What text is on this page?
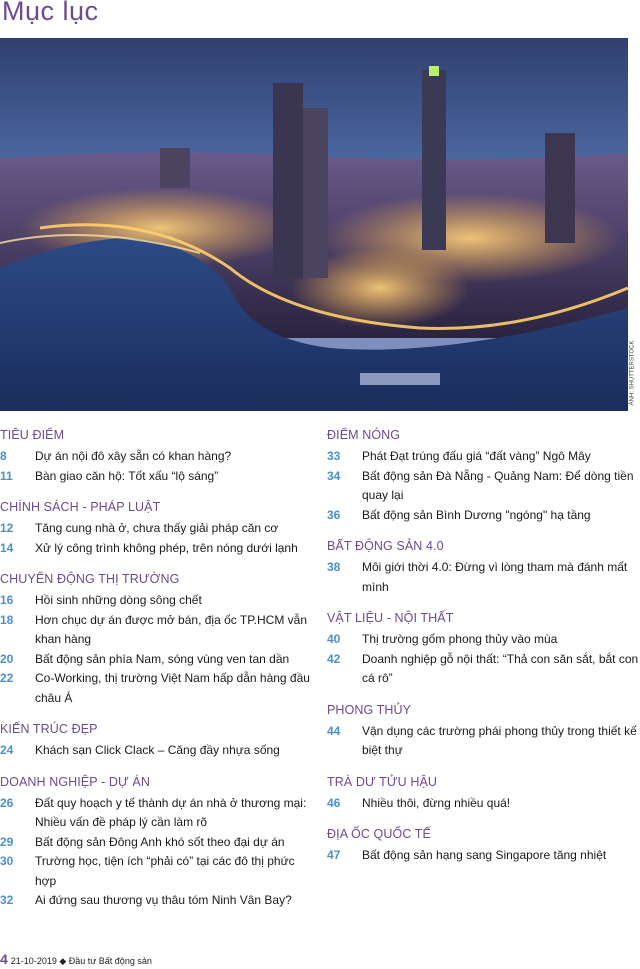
Mục lục
ẢNH: SHUTTERSTOCK
TIÊU ĐIỂM
8	Dự án nội đô xây sẵn có khan hàng?
11	Bàn giao căn hộ: Tốt xấu “lộ sáng”
CHÍNH SÁCH - PHÁP LUẬT
12	Tăng cung nhà ở, chưa thấy giải pháp căn cơ
14	Xử lý công trình không phép, trên nóng dưới lạnh
CHUYỂN ĐỘNG THỊ TRƯỜNG
16	Hồi sinh những dòng sông chết
18	Hơn chục dự án được mở bán, địa ốc TP.HCM vẫn khan hàng
20	Bất động sản phía Nam, sóng vùng ven tan dần
22	Co-Working, thị trường Việt Nam hấp dẫn hàng đầu châu Á
KIẾN TRÚC ĐẸP
24	Khách sạn Click Clack – Căng đầy nhựa sống
DOANH NGHIỆP - DỰ ÁN
26	Đất quy hoạch y tế thành dự án nhà ở thương mại: Nhiều vấn đề pháp lý cần làm rõ
29	Bất động sản Đông Anh khó sốt theo đại dự án
30	Trường học, tiện ích “phải có” tại các đô thị phức hợp
32	Ai đứng sau thương vụ thâu tóm Ninh Vân Bay?
ĐIỂM NÓNG
33	Phát Đạt trúng đấu giá “đất vàng” Ngô Mây
34	Bất động sản Đà Nẵng - Quảng Nam: Để dòng tiền quay lại
36	Bất động sản Bình Dương "ngóng" hạ tầng
BẤT ĐỘNG SẢN 4.0
38	Môi giới thời 4.0: Đừng vì lòng tham mà đánh mất mình
VẬT LIỆU - NỘI THẤT
40	Thị trường gốm phong thủy vào mùa
42	Doanh nghiệp gỗ nội thất: “Thả con săn sắt, bắt con cá rô”
PHONG THỦY
44	Vận dụng các trường phái phong thủy trong thiết kế biệt thự
TRÀ DƯ TỬU HẬU
46	Nhiều thôi, đừng nhiều quá!
ĐỊA ỐC QUỐC TẾ
47	Bất động sản hạng sang Singapore tăng nhiệt
4 21-10-2019 ◆ Đầu tư Bất động sản
